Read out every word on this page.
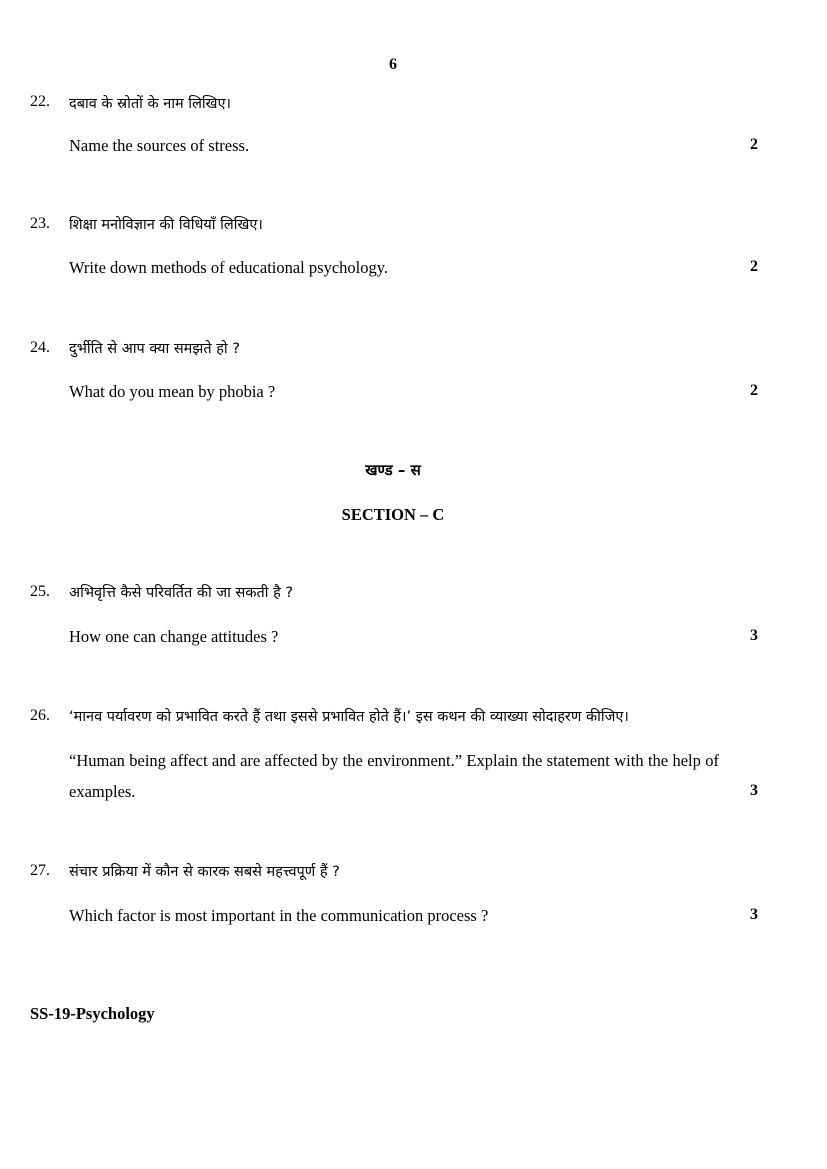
6
22. दबाव के स्रोतों के नाम लिखिए।
Name the sources of stress.	2
23. शिक्षा मनोविज्ञान की विधियाँ लिखिए।
Write down methods of educational psychology.	2
24. दुर्भीति से आप क्या समझते हो ?
What do you mean by phobia ?	2
खण्ड – स
SECTION – C
25. अभिवृत्ति कैसे परिवर्तित की जा सकती है ?
How one can change attitudes ?	3
26. ‘मानव पर्यावरण को प्रभावित करते हैं तथा इससे प्रभावित होते हैं।’ इस कथन की व्याख्या सोदाहरण कीजिए।
“Human being affect and are affected by the environment.” Explain the statement with the help of examples.	3
27. संचार प्रक्रिया में कौन से कारक सबसे महत्त्वपूर्ण हैं ?
Which factor is most important in the communication process ?	3
SS-19-Psychology
